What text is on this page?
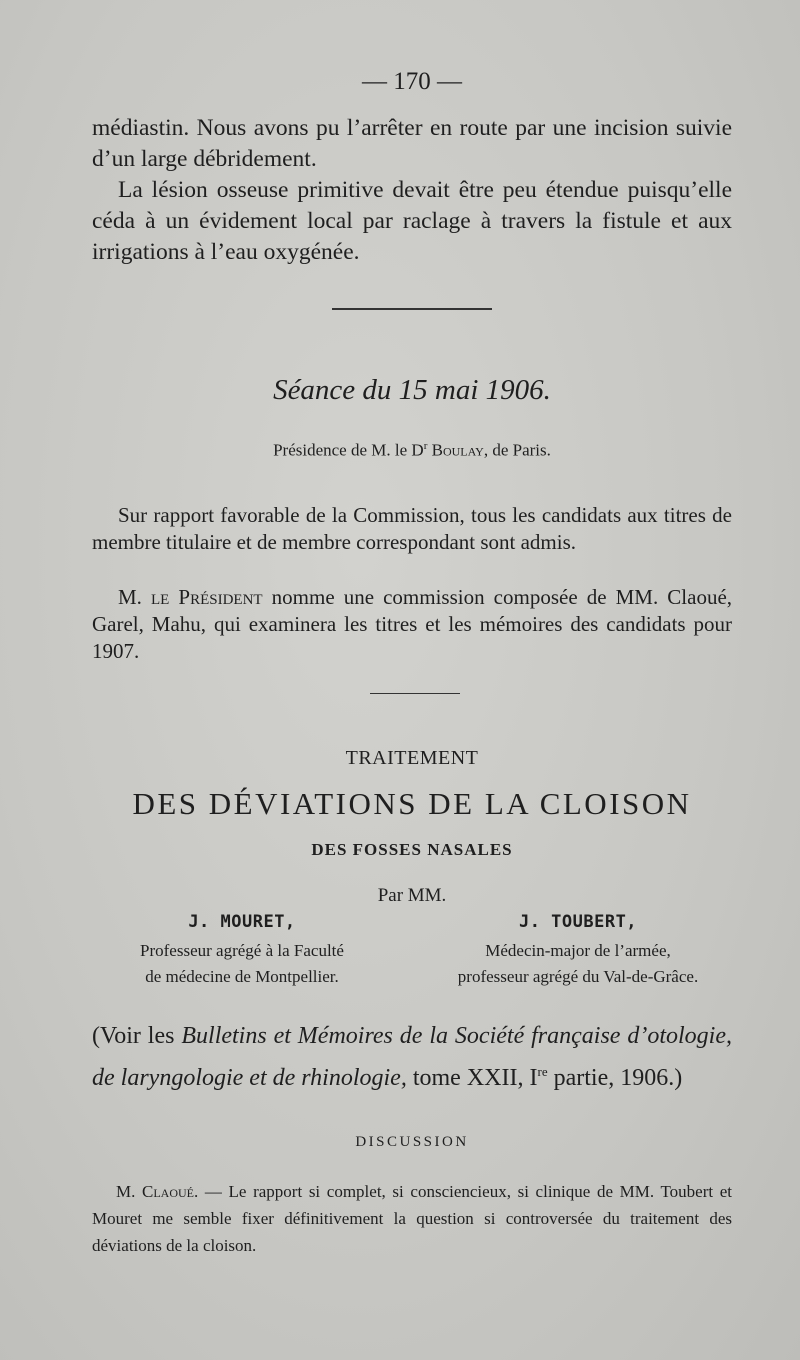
— 170 —
médiastin. Nous avons pu l’arrêter en route par une incision suivie d’un large débridement.
La lésion osseuse primitive devait être peu étendue puisqu’elle céda à un évidement local par raclage à travers la fistule et aux irrigations à l’eau oxygénée.
Séance du 15 mai 1906.
Présidence de M. le $D^r$ Boulay, de Paris.
Sur rapport favorable de la Commission, tous les candidats aux titres de membre titulaire et de membre correspondant sont admis.
M. le Président nomme une commission composée de MM. Claoué, Garel, Mahu, qui examinera les titres et les mémoires des candidats pour 1907.
TRAITEMENT
DES DÉVIATIONS DE LA CLOISON
DES FOSSES NASALES
Par MM.
J. MOURET,
Professeur agrégé à la Faculté
de médecine de Montpellier.
J. TOUBERT,
Médecin-major de l’armée,
professeur agrégé du Val-de-Grâce.
(Voir les Bulletins et Mémoires de la Société française d’otologie, de laryngologie et de rhinologie, tome XXII, Ire partie, 1906.)
DISCUSSION
M. Claoué. — Le rapport si complet, si consciencieux, si clinique de MM. Toubert et Mouret me semble fixer définitivement la question si controversée du traitement des déviations de la cloison.
